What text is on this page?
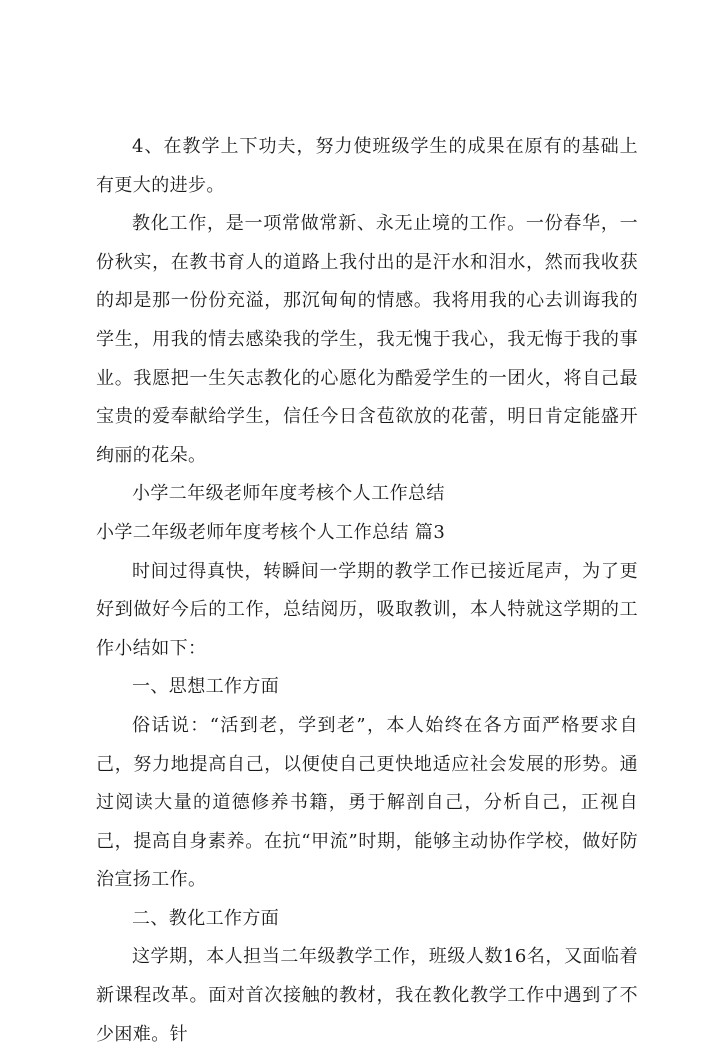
4、在教学上下功夫，努力使班级学生的成果在原有的基础上有更大的进步。

教化工作，是一项常做常新、永无止境的工作。一份春华，一份秋实，在教书育人的道路上我付出的是汗水和泪水，然而我收获的却是那一份份充溢，那沉甸甸的情感。我将用我的心去训诲我的学生，用我的情去感染我的学生，我无愧于我心，我无悔于我的事业。我愿把一生矢志教化的心愿化为酷爱学生的一团火，将自己最宝贵的爱奉献给学生，信任今日含苞欲放的花蕾，明日肯定能盛开绚丽的花朵。

小学二年级老师年度考核个人工作总结

小学二年级老师年度考核个人工作总结 篇3

时间过得真快，转瞬间一学期的教学工作已接近尾声，为了更好到做好今后的工作，总结阅历，吸取教训，本人特就这学期的工作小结如下：

一、思想工作方面

俗话说：“活到老，学到老”，本人始终在各方面严格要求自己，努力地提高自己，以便使自己更快地适应社会发展的形势。通过阅读大量的道德修养书籍，勇于解剖自己，分析自己，正视自己，提高自身素养。在抗“甲流”时期，能够主动协作学校，做好防治宣扬工作。

二、教化工作方面

这学期，本人担当二年级教学工作，班级人数16名，又面临着新课程改革。面对首次接触的教材，我在教化教学工作中遇到了不少困难。针
